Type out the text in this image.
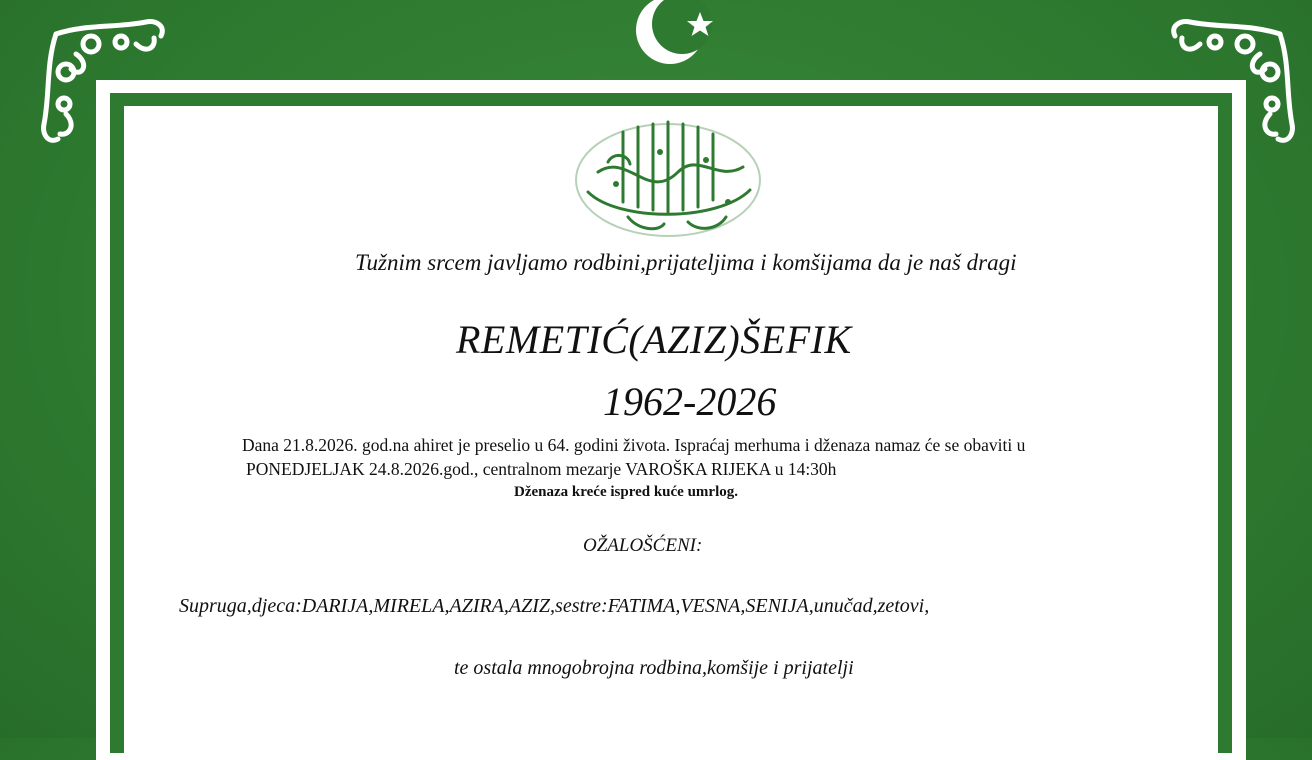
Tužnim srcem javljamo rodbini,prijateljima i komšijama da je naš dragi

REMETIĆ(AZIZ)ŠEFIK

1962-2026

Dana 21.8.2026. god.na ahiret je preselio u 64. godini života. Ispraćaj merhuma i dženaza namaz će se obaviti u

PONEDJELJAK 24.8.2026.god., centralnom mezarje VAROŠKA RIJEKA u 14:30h

Dženaza kreće ispred kuće umrlog.

OŽALOŠĆENI:

Supruga,djeca:DARIJA,MIRELA,AZIRA,AZIZ,sestre:FATIMA,VESNA,SENIJA,unučad,zetovi,

te ostala mnogobrojna rodbina,komšije i prijatelji
